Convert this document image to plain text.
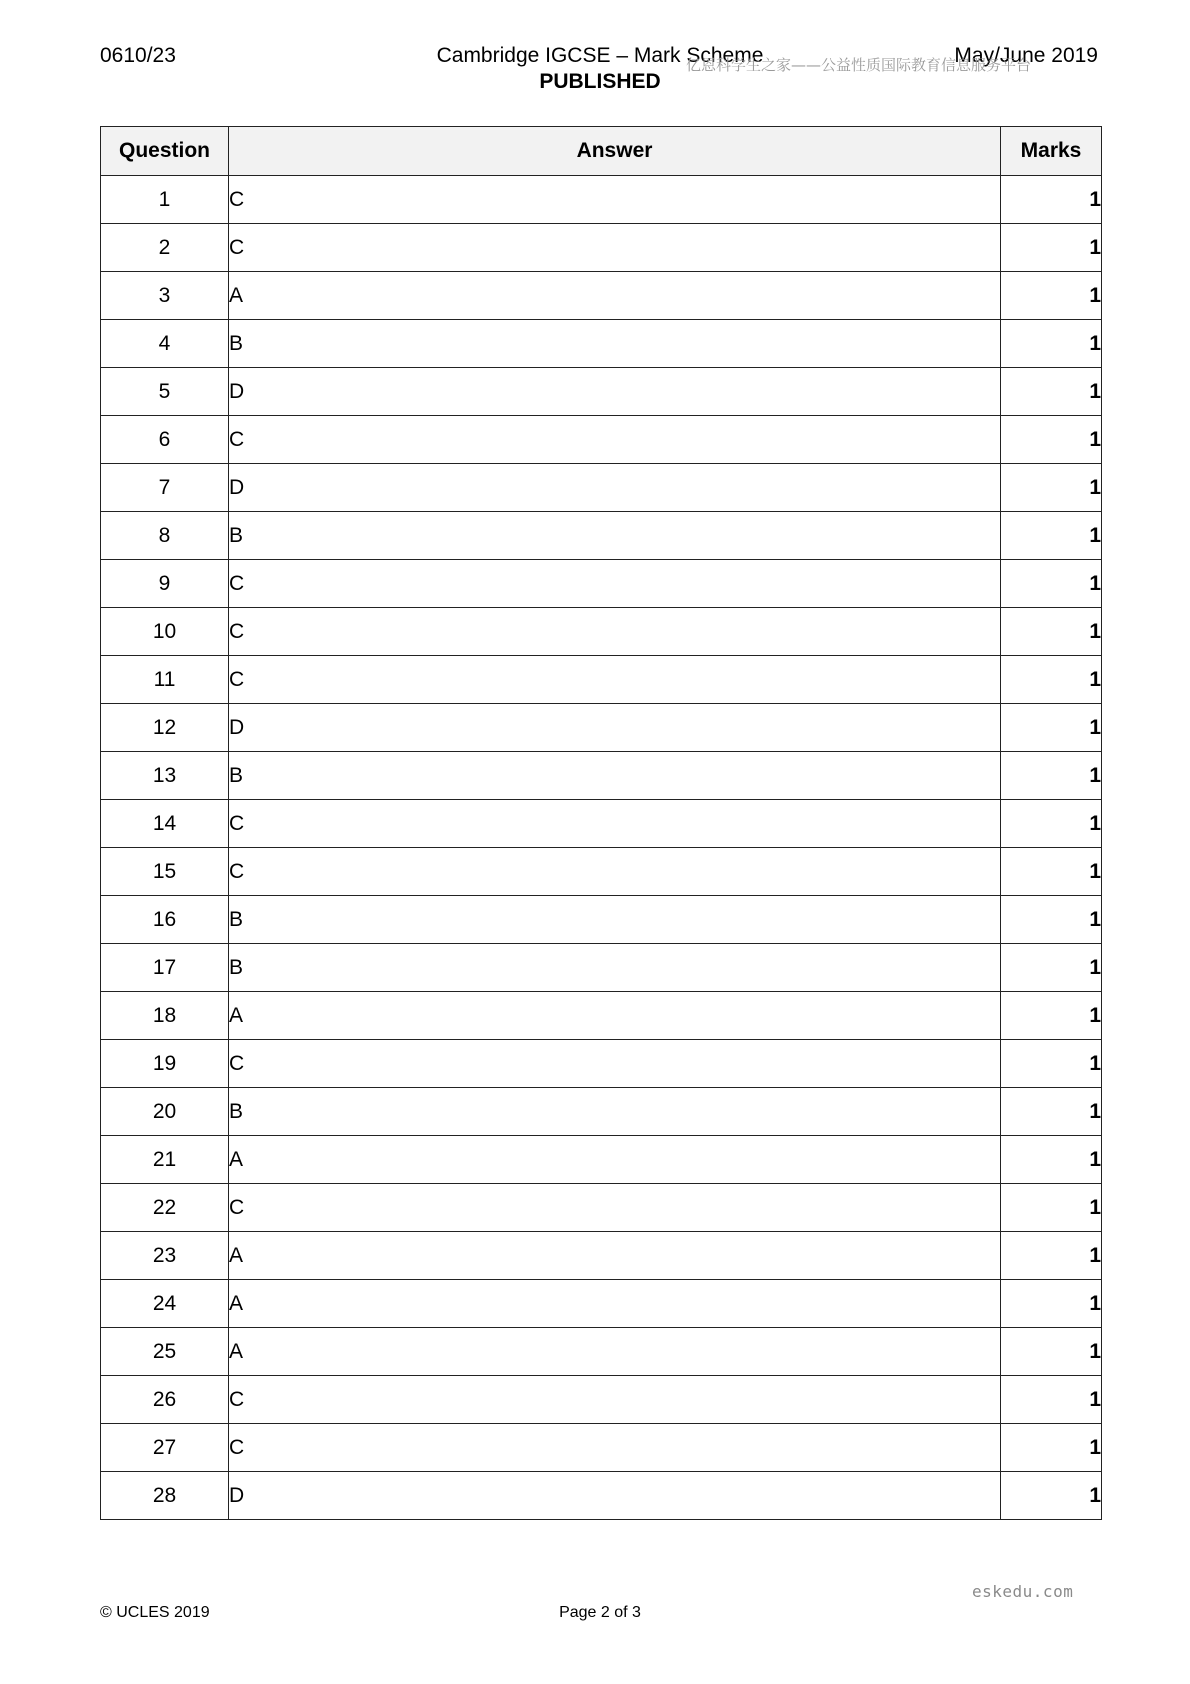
0610/23	Cambridge IGCSE – Mark Scheme
PUBLISHED
May/June 2019
亿恩科学生之家——公益性质国际教育信息服务平台
Question	Answer	Marks
1	C	1
2	C	1
3	A	1
4	B	1
5	D	1
6	C	1
7	D	1
8	B	1
9	C	1
10	C	1
11	C	1
12	D	1
13	B	1
14	C	1
15	C	1
16	B	1
17	B	1
18	A	1
19	C	1
20	B	1
21	A	1
22	C	1
23	A	1
24	A	1
25	A	1
26	C	1
27	C	1
28	D	1
eskedu.com
© UCLES 2019	Page 2 of 3
